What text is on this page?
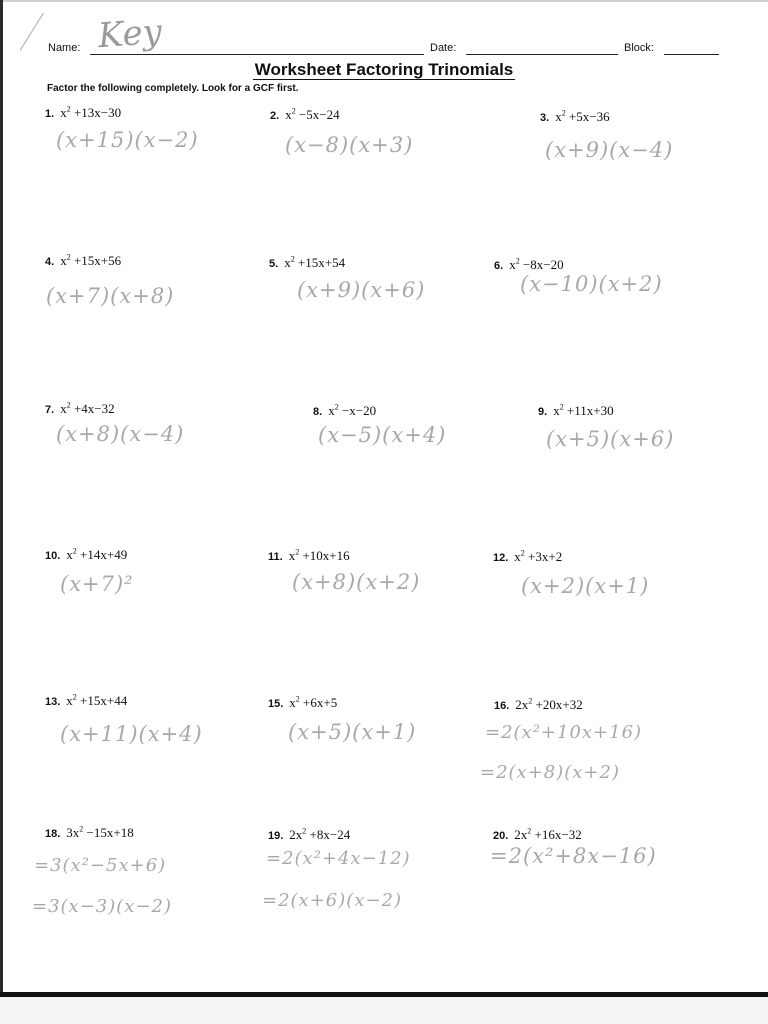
Name: Key	Date:	Block:
Worksheet Factoring Trinomials
Factor the following completely. Look for a GCF first.
1. $x^2 +13x-30$
(x+15)(x−2)
2. $x^2 -5x-24$
(x−8)(x+3)
3. $x^2 +5x-36$
(x+9)(x−4)
4. $x^2 +15x+56$
(x+7)(x+8)
5. $x^2 +15x+54$
(x+9)(x+6)
6. $x^2 -8x-20$
(x−10)(x+2)
7. $x^2 +4x-32$
(x+8)(x−4)
8. $x^2 -x-20$
(x−5)(x+4)
9. $x^2 +11x+30$
(x+5)(x+6)
10. $x^2 +14x+49$
(x+7)²
11. $x^2 +10x+16$
(x+8)(x+2)
12. $x^2 +3x+2$
(x+2)(x+1)
13. $x^2 +15x+44$
(x+11)(x+4)
15. $x^2 +6x+5$
(x+5)(x+1)
16. $2x^2 +20x+32$
=2(x²+10x+16)
=2(x+8)(x+2)
18. $3x^2 -15x+18$
=3(x²−5x+6)
=3(x−3)(x−2)
19. $2x^2 +8x-24$
=2(x²+4x−12)
=2(x+6)(x−2)
20. $2x^2 +16x-32$
=2(x²+8x−16)
